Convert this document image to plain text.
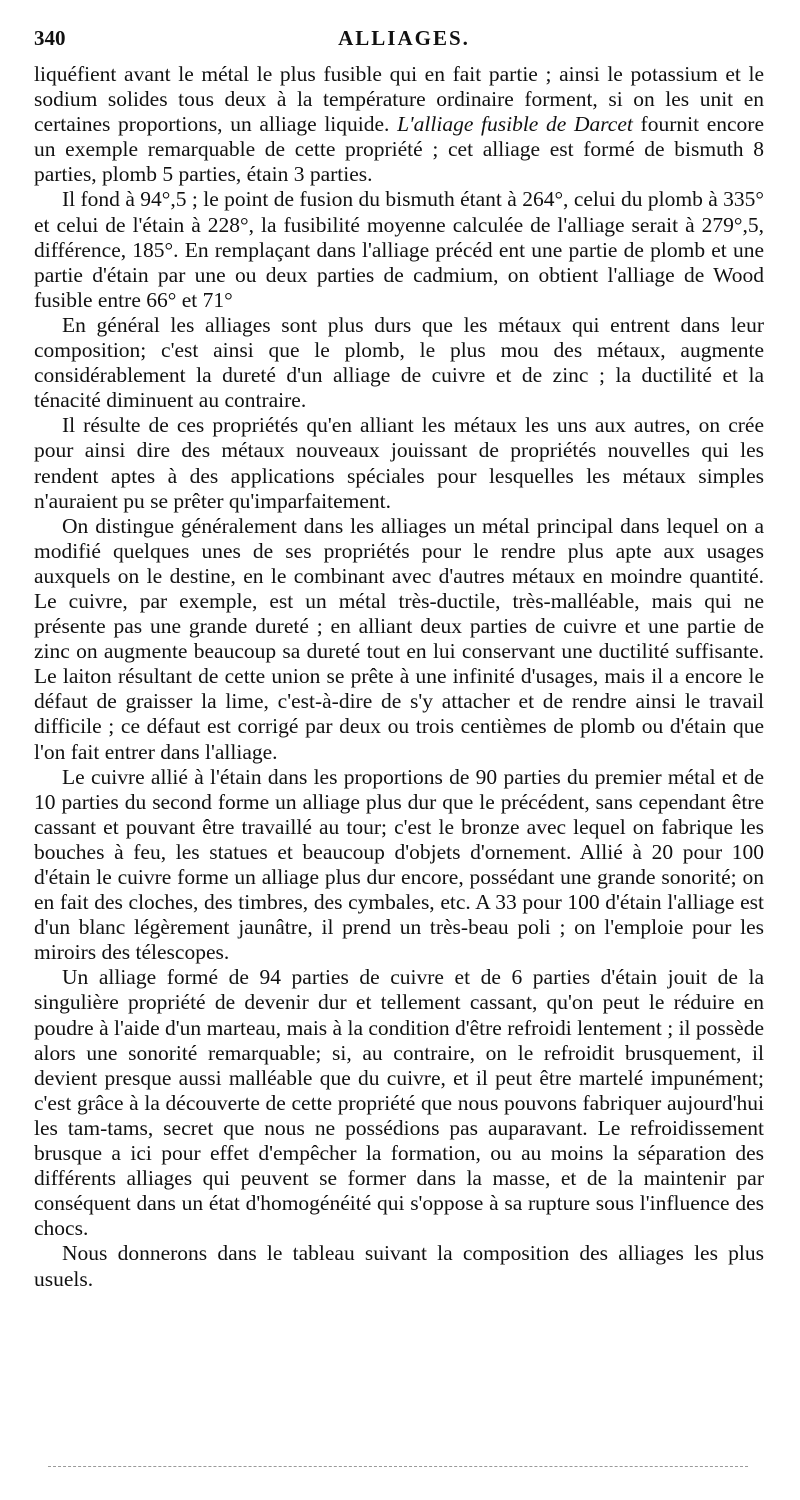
340	ALLIAGES.

liquéfient avant le métal le plus fusible qui en fait partie ; ainsi le potassium et le sodium solides tous deux à la température ordinaire forment, si on les unit en certaines proportions, un alliage liquide. L'alliage fusible de Darcet fournit encore un exemple remarquable de cette propriété ; cet alliage est formé de bismuth 8 parties, plomb 5 parties, étain 3 parties.

Il fond à 94°,5 ; le point de fusion du bismuth étant à 264°, celui du plomb à 335° et celui de l'étain à 228°, la fusibilité moyenne calculée de l'alliage serait à 279°,5, différence, 185°. En remplaçant dans l'alliage précéd ent une partie de plomb et une partie d'étain par une ou deux parties de cadmium, on obtient l'alliage de Wood fusible entre 66° et 71°

En général les alliages sont plus durs que les métaux qui entrent dans leur composition; c'est ainsi que le plomb, le plus mou des métaux, augmente considérablement la dureté d'un alliage de cuivre et de zinc ; la ductilité et la ténacité diminuent au contraire.

Il résulte de ces propriétés qu'en alliant les métaux les uns aux autres, on crée pour ainsi dire des métaux nouveaux jouissant de propriétés nouvelles qui les rendent aptes à des applications spéciales pour lesquelles les métaux simples n'auraient pu se prêter qu'imparfaitement.

On distingue généralement dans les alliages un métal principal dans lequel on a modifié quelques unes de ses propriétés pour le rendre plus apte aux usages auxquels on le destine, en le combinant avec d'autres métaux en moindre quantité. Le cuivre, par exemple, est un métal très-ductile, très-malléable, mais qui ne présente pas une grande dureté ; en alliant deux parties de cuivre et une partie de zinc on augmente beaucoup sa dureté tout en lui conservant une ductilité suffisante. Le laiton résultant de cette union se prête à une infinité d'usages, mais il a encore le défaut de graisser la lime, c'est-à-dire de s'y attacher et de rendre ainsi le travail difficile ; ce défaut est corrigé par deux ou trois centièmes de plomb ou d'étain que l'on fait entrer dans l'alliage.

Le cuivre allié à l'étain dans les proportions de 90 parties du premier métal et de 10 parties du second forme un alliage plus dur que le précédent, sans cependant être cassant et pouvant être travaillé au tour; c'est le bronze avec lequel on fabrique les bouches à feu, les statues et beaucoup d'objets d'ornement. Allié à 20 pour 100 d'étain le cuivre forme un alliage plus dur encore, possédant une grande sonorité; on en fait des cloches, des timbres, des cymbales, etc. A 33 pour 100 d'étain l'alliage est d'un blanc légèrement jaunâtre, il prend un très-beau poli ; on l'emploie pour les miroirs des télescopes.

Un alliage formé de 94 parties de cuivre et de 6 parties d'étain jouit de la singulière propriété de devenir dur et tellement cassant, qu'on peut le réduire en poudre à l'aide d'un marteau, mais à la condition d'être refroidi lentement ; il possède alors une sonorité remarquable; si, au contraire, on le refroidit brusquement, il devient presque aussi malléable que du cuivre, et il peut être martelé impunément; c'est grâce à la découverte de cette propriété que nous pouvons fabriquer aujourd'hui les tam-tams, secret que nous ne possédions pas auparavant. Le refroidissement brusque a ici pour effet d'empêcher la formation, ou au moins la séparation des différents alliages qui peuvent se former dans la masse, et de la maintenir par conséquent dans un état d'homogénéité qui s'oppose à sa rupture sous l'influence des chocs.

Nous donnerons dans le tableau suivant la composition des alliages les plus usuels.
